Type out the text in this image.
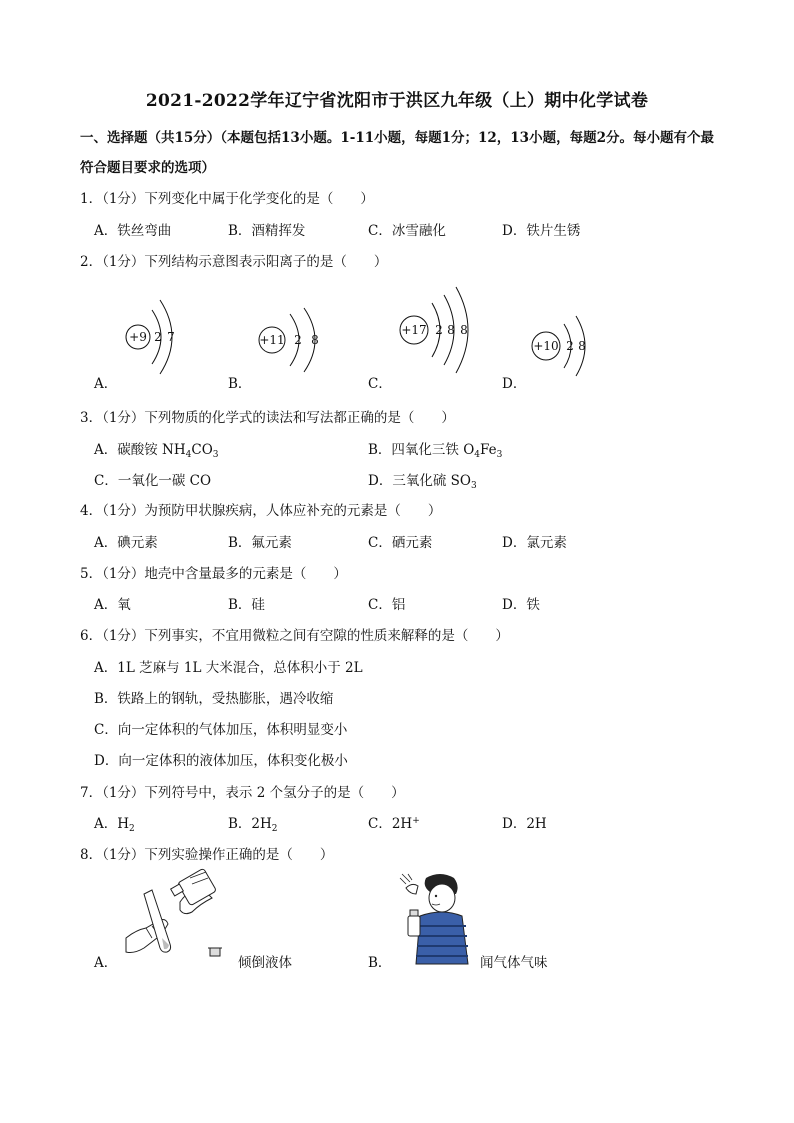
2021-2022学年辽宁省沈阳市于洪区九年级（上）期中化学试卷
一、选择题（共15分）（本题包括13小题。1-11小题，每题1分；12，13小题，每题2分。每小题有个最符合题目要求的选项）
1．（1分）下列变化中属于化学变化的是（　　）
A．铁丝弯曲	B．酒精挥发	C．冰雪融化	D．铁片生锈
2．（1分）下列结构示意图表示阳离子的是（　　）
+9 2 7	+11 2 8
+17 2 8 8
+10 2 8
A．	B．	C．	D．
3．（1分）下列物质的化学式的读法和写法都正确的是（　　）
A．碳酸铵 $NH_4CO_3$	B．四氧化三铁 $O_4Fe_3$
C．一氧化一碳 CO	D．三氧化硫 $SO_3$
4．（1分）为预防甲状腺疾病，人体应补充的元素是（　　）
A．碘元素	B．氟元素	C．硒元素	D．氯元素
5．（1分）地壳中含量最多的元素是（　　）
A．氧	B．硅	C．铝	D．铁
6．（1分）下列事实，不宜用微粒之间有空隙的性质来解释的是（　　）
A．1L 芝麻与 1L 大米混合，总体积小于 2L
B．铁路上的钢轨，受热膨胀，遇冷收缩
C．向一定体积的气体加压，体积明显变小
D．向一定体积的液体加压，体积变化极小
7．（1分）下列符号中，表示 2 个氢分子的是（　　）
A．$H_2$	B．$2H_2$	C．2H+	D．2H
8．（1分）下列实验操作正确的是（　　）
A．	倾倒液体	B．	闻气体气味
